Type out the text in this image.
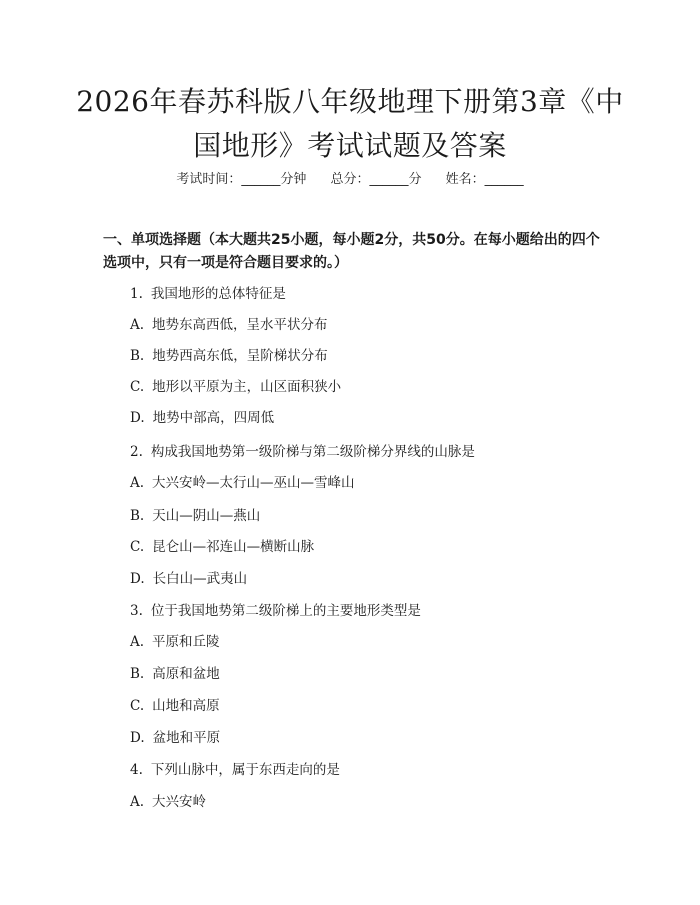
2026年春苏科版八年级地理下册第3章《中
国地形》考试试题及答案
考试时间：______分钟 总分：______分 姓名：______
一、单项选择题（本大题共25小题，每小题2分，共50分。在每小题给出的四个选项中，只有一项是符合题目要求的。）
1. 我国地形的总体特征是
A. 地势东高西低，呈水平状分布
B. 地势西高东低，呈阶梯状分布
C. 地形以平原为主，山区面积狭小
D. 地势中部高，四周低
2. 构成我国地势第一级阶梯与第二级阶梯分界线的山脉是
A. 大兴安岭—太行山—巫山—雪峰山
B. 天山—阴山—燕山
C. 昆仑山—祁连山—横断山脉
D. 长白山—武夷山
3. 位于我国地势第二级阶梯上的主要地形类型是
A. 平原和丘陵
B. 高原和盆地
C. 山地和高原
D. 盆地和平原
4. 下列山脉中，属于东西走向的是
A. 大兴安岭
